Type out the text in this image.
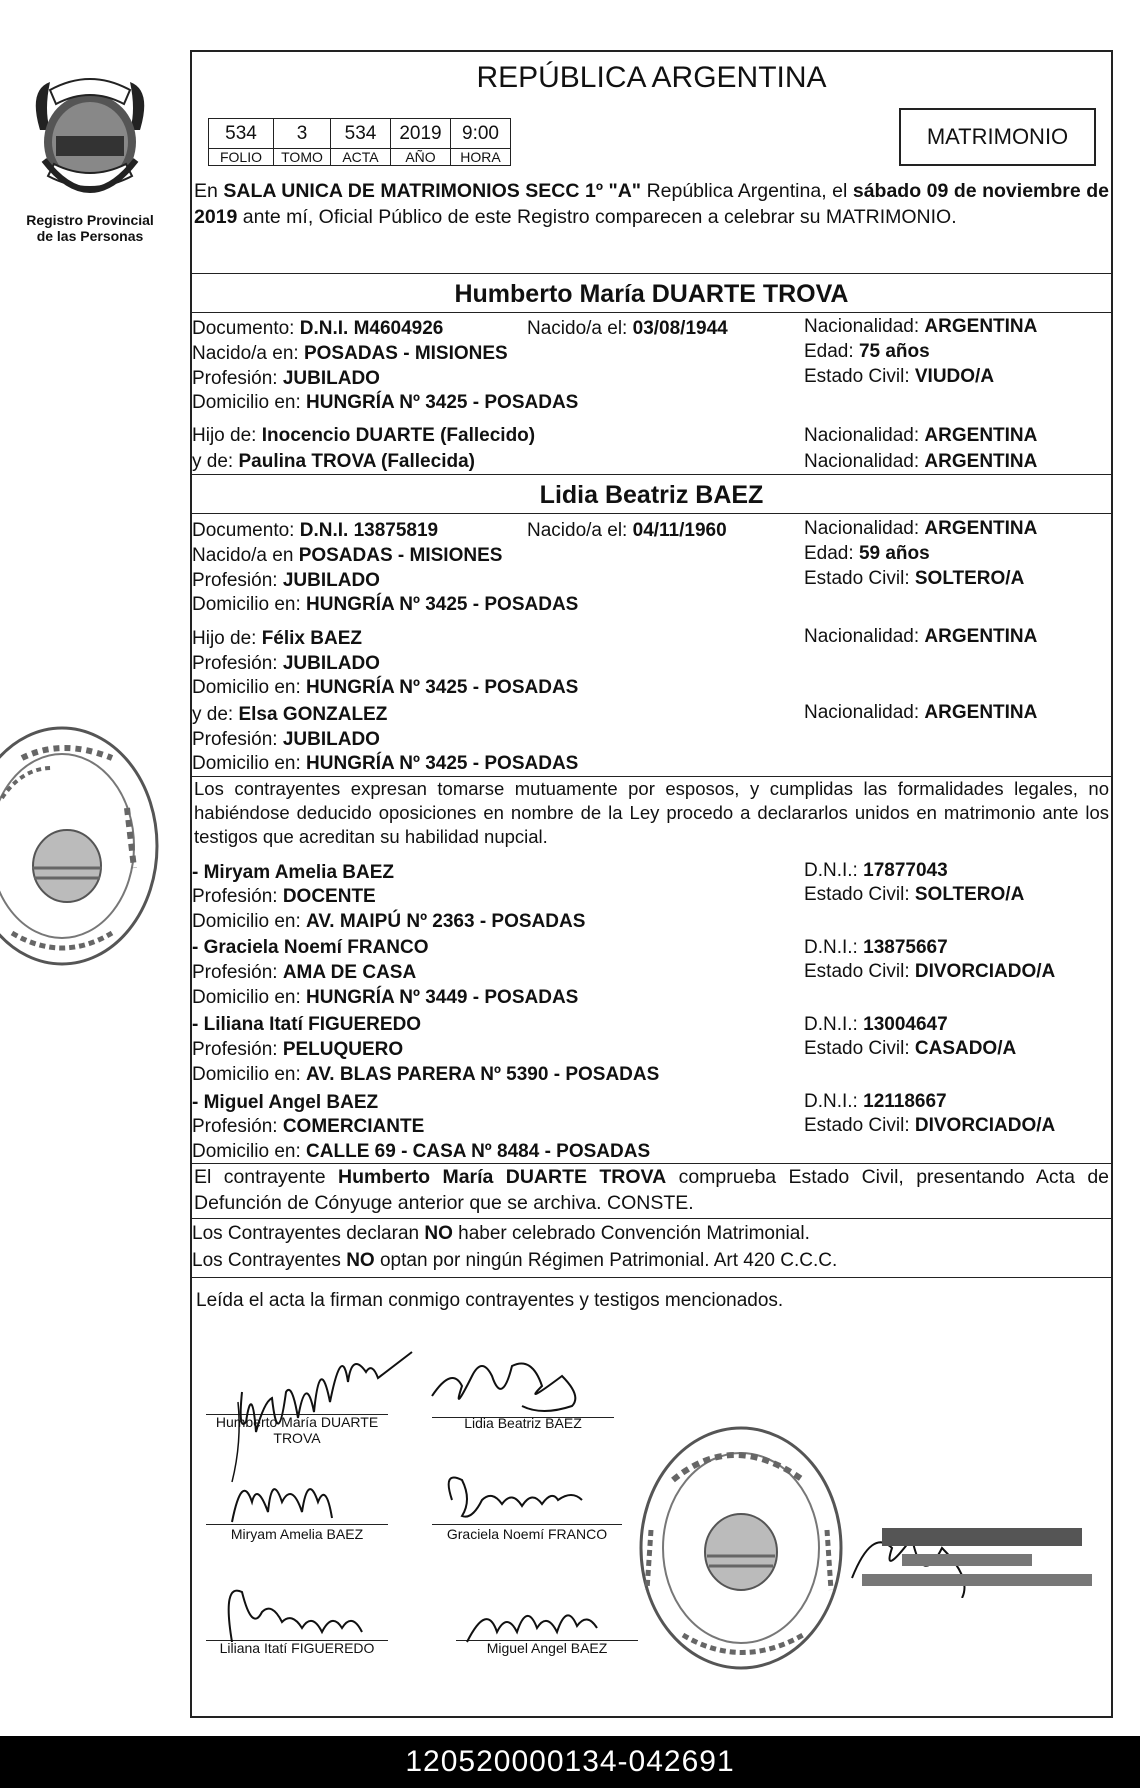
Registro Provincial
de las Personas
REPÚBLICA ARGENTINA
534	3	534	2019	9:00
FOLIO	TOMO	ACTA	AÑO	HORA
MATRIMONIO
En SALA UNICA DE MATRIMONIOS SECC 1º "A" República Argentina, el sábado 09 de noviembre de 2019 ante mí, Oficial Público de este Registro comparecen a celebrar su MATRIMONIO.
Humberto María DUARTE TROVA
Documento: D.N.I. M4604926	Nacido/a el: 03/08/1944	Nacionalidad: ARGENTINA
Nacido/a en: POSADAS - MISIONES	Edad: 75 años
Profesión: JUBILADO	Estado Civil: VIUDO/A
Domicilio en: HUNGRÍA Nº 3425 - POSADAS
Hijo de: Inocencio DUARTE (Fallecido)	Nacionalidad: ARGENTINA
y de: Paulina TROVA (Fallecida)	Nacionalidad: ARGENTINA
Lidia Beatriz BAEZ
Documento: D.N.I. 13875819	Nacido/a el: 04/11/1960	Nacionalidad: ARGENTINA
Nacido/a en POSADAS - MISIONES	Edad: 59 años
Profesión: JUBILADO	Estado Civil: SOLTERO/A
Domicilio en: HUNGRÍA Nº 3425 - POSADAS
Hijo de: Félix BAEZ	Nacionalidad: ARGENTINA
Profesión: JUBILADO
Domicilio en: HUNGRÍA Nº 3425 - POSADAS
y de: Elsa GONZALEZ	Nacionalidad: ARGENTINA
Profesión: JUBILADO
Domicilio en: HUNGRÍA Nº 3425 - POSADAS
Los contrayentes expresan tomarse mutuamente por esposos, y cumplidas las formalidades legales, no habiéndose deducido oposiciones en nombre de la Ley procedo a declararlos unidos en matrimonio ante los testigos que acreditan su habilidad nupcial.
- Miryam Amelia BAEZ	D.N.I.: 17877043
Profesión: DOCENTE	Estado Civil: SOLTERO/A
Domicilio en: AV. MAIPÚ Nº 2363 - POSADAS
- Graciela Noemí FRANCO	D.N.I.: 13875667
Profesión: AMA DE CASA	Estado Civil: DIVORCIADO/A
Domicilio en: HUNGRÍA Nº 3449 - POSADAS
- Liliana Itatí FIGUEREDO	D.N.I.: 13004647
Profesión: PELUQUERO	Estado Civil: CASADO/A
Domicilio en: AV. BLAS PARERA Nº 5390 - POSADAS
- Miguel Angel BAEZ	D.N.I.: 12118667
Profesión: COMERCIANTE	Estado Civil: DIVORCIADO/A
Domicilio en: CALLE 69 - CASA Nº 8484 - POSADAS
El contrayente Humberto María DUARTE TROVA comprueba Estado Civil, presentando Acta de Defunción de Cónyuge anterior que se archiva. CONSTE.
Los Contrayentes declaran NO haber celebrado Convención Matrimonial.
Los Contrayentes NO optan por ningún Régimen Patrimonial. Art 420 C.C.C.
Leída el acta la firman conmigo contrayentes y testigos mencionados.
Humberto María DUARTE TROVA
Lidia Beatriz BAEZ
Miryam Amelia BAEZ	Graciela Noemí FRANCO
Liliana Itatí FIGUEREDO	Miguel Angel BAEZ
120520000134-042691
